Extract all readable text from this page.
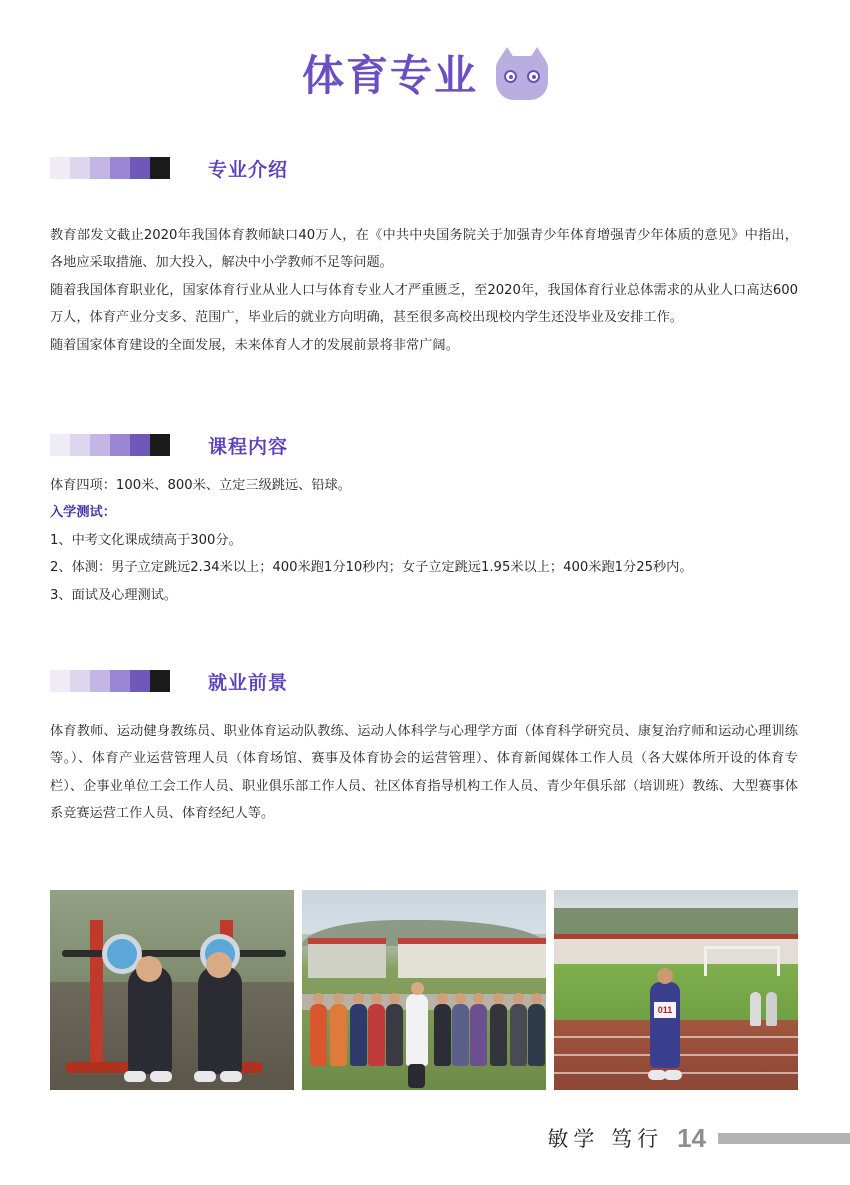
体育专业
专业介绍

教育部发文截止2020年我国体育教师缺口40万人，在《中共中央国务院关于加强青少年体育增强青少年体质的意见》中指出，各地应采取措施、加大投入，解决中小学教师不足等问题。

随着我国体育职业化，国家体育行业从业人口与体育专业人才严重匮乏，至2020年，我国体育行业总体需求的从业人口高达600万人，体育产业分支多、范围广，毕业后的就业方向明确，甚至很多高校出现校内学生还没毕业及安排工作。

随着国家体育建设的全面发展，未来体育人才的发展前景将非常广阔。

课程内容

体育四项：100米、800米、立定三级跳远、铅球。

入学测试：

1、中考文化课成绩高于300分。

2、体测：男子立定跳远2.34米以上；400米跑1分10秒内；女子立定跳远1.95米以上；400米跑1分25秒内。

3、面试及心理测试。

就业前景

体育教师、运动健身教练员、职业体育运动队教练、运动人体科学与心理学方面（体育科学研究员、康复治疗师和运动心理训练等。）、体育产业运营管理人员（体育场馆、赛事及体育协会的运营管理）、体育新闻媒体工作人员（各大媒体所开设的体育专栏）、企事业单位工会工作人员、职业俱乐部工作人员、社区体育指导机构工作人员、青少年俱乐部（培训班）教练、大型赛事体系竞赛运营工作人员、体育经纪人等。

011
敏学 笃行 14
